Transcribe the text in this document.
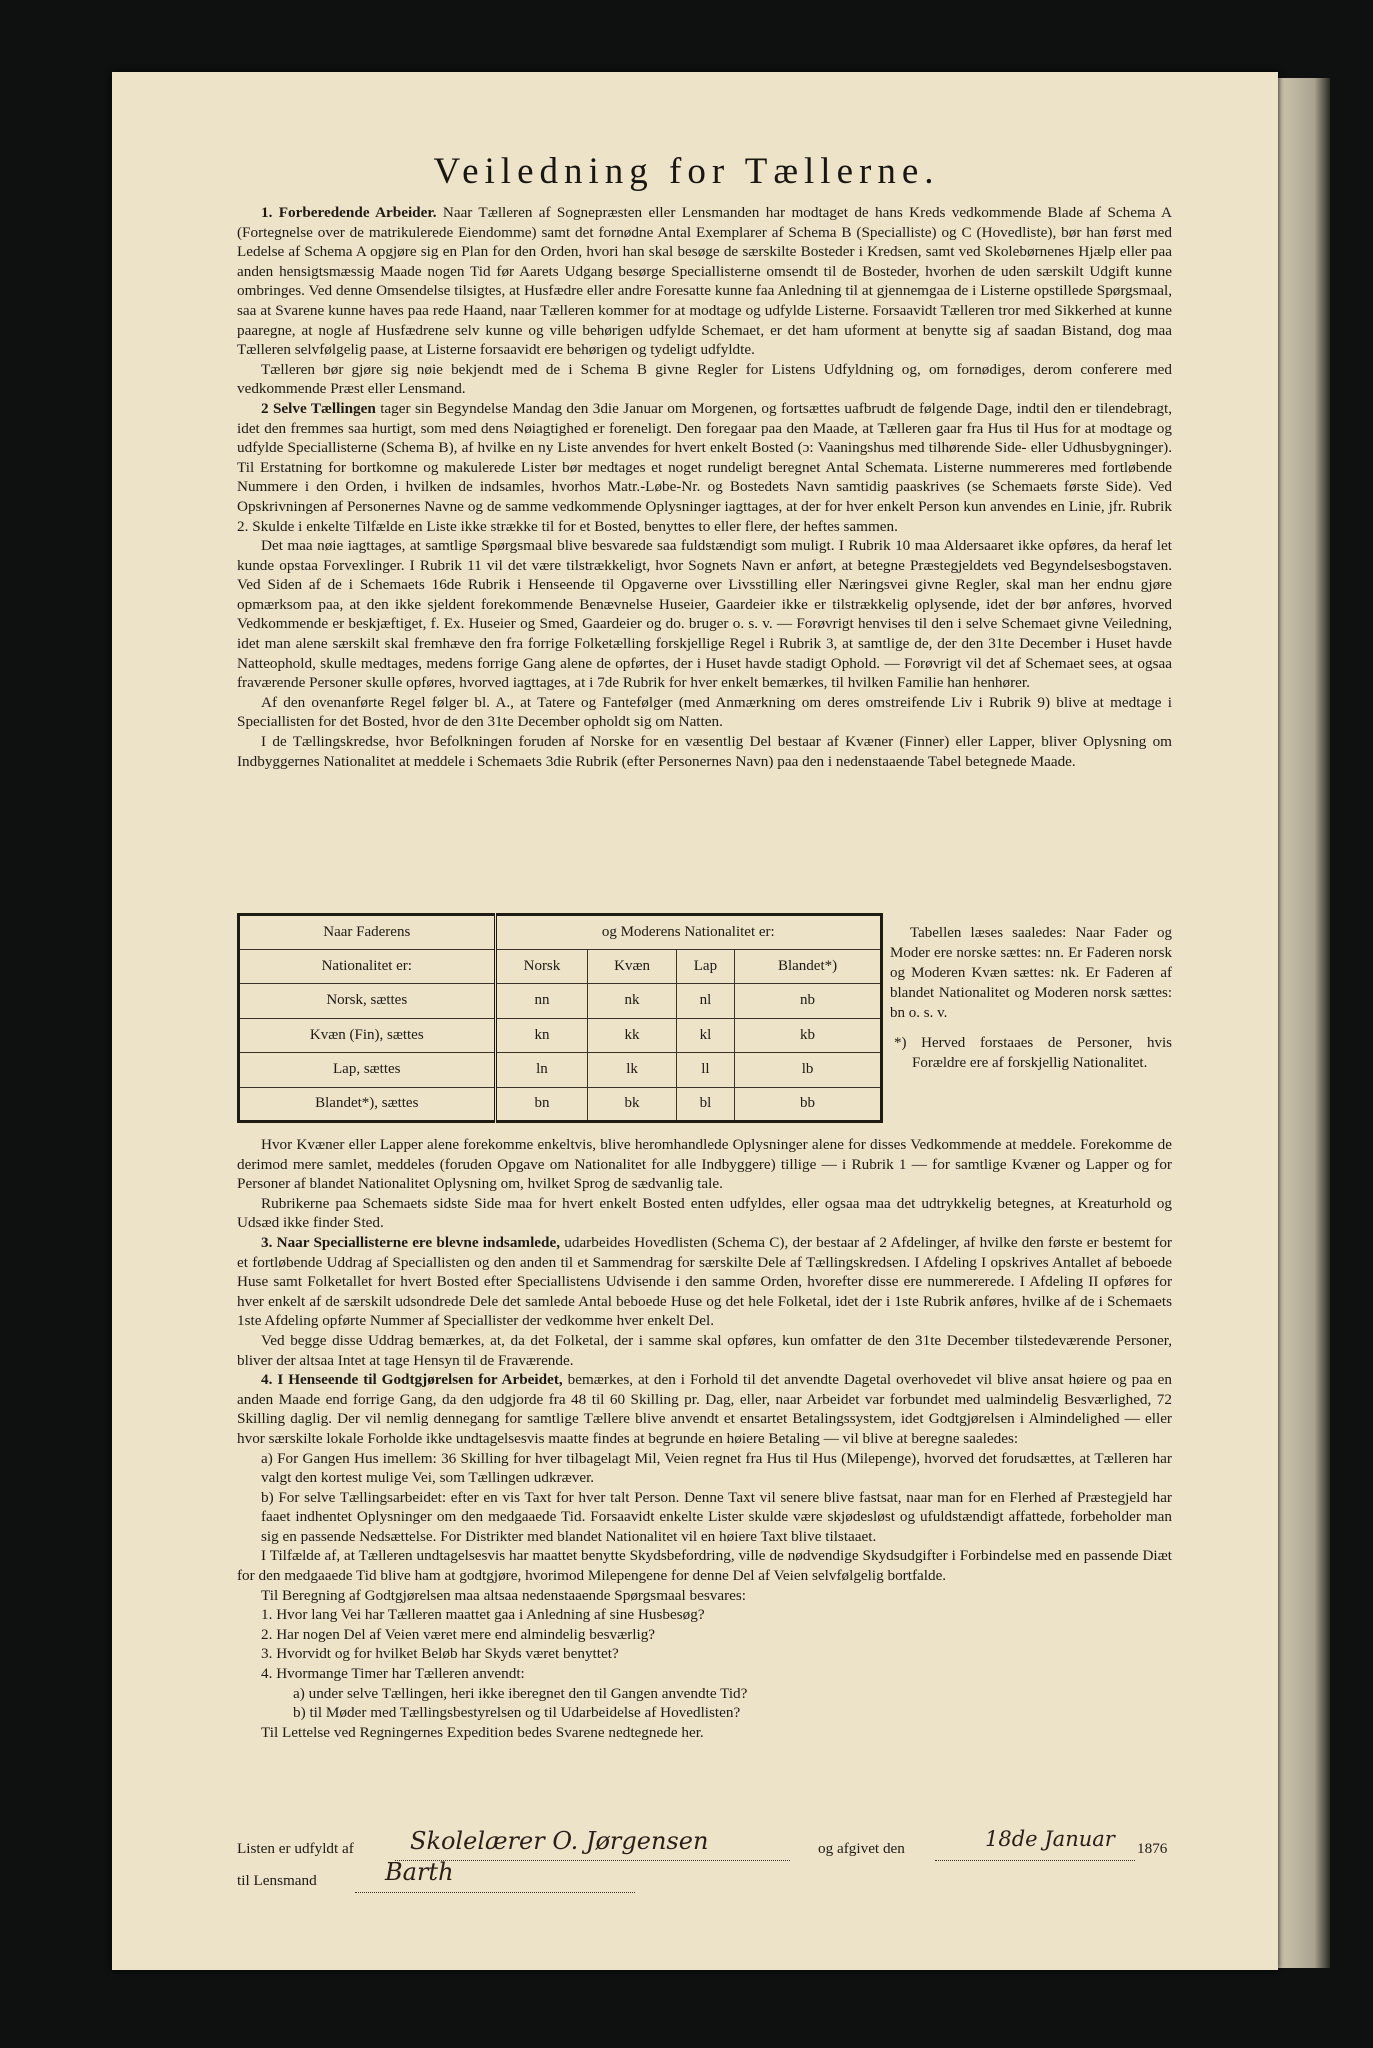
Veiledning for Tællerne.

1. Forberedende Arbeider. Naar Tælleren af Sognepræsten eller Lensmanden har modtaget de hans Kreds vedkommende Blade af Schema A (Fortegnelse over de matrikulerede Eiendomme) samt det fornødne Antal Exemplarer af Schema B (Specialliste) og C (Hovedliste), bør han først med Ledelse af Schema A opgjøre sig en Plan for den Orden, hvori han skal besøge de særskilte Bosteder i Kredsen, samt ved Skolebørnenes Hjælp eller paa anden hensigtsmæssig Maade nogen Tid før Aarets Udgang besørge Speciallisterne omsendt til de Bosteder, hvorhen de uden særskilt Udgift kunne ombringes. Ved denne Omsendelse tilsigtes, at Husfædre eller andre Foresatte kunne faa Anledning til at gjennemgaa de i Listerne opstillede Spørgsmaal, saa at Svarene kunne haves paa rede Haand, naar Tælleren kommer for at modtage og udfylde Listerne. Forsaavidt Tælleren tror med Sikkerhed at kunne paaregne, at nogle af Husfædrene selv kunne og ville behørigen udfylde Schemaet, er det ham uforment at benytte sig af saadan Bistand, dog maa Tælleren selvfølgelig paase, at Listerne forsaavidt ere behørigen og tydeligt udfyldte.

Tælleren bør gjøre sig nøie bekjendt med de i Schema B givne Regler for Listens Udfyldning og, om fornødiges, derom conferere med vedkommende Præst eller Lensmand.

2 Selve Tællingen tager sin Begyndelse Mandag den 3die Januar om Morgenen, og fortsættes uafbrudt de følgende Dage, indtil den er tilendebragt, idet den fremmes saa hurtigt, som med dens Nøiagtighed er foreneligt. Den foregaar paa den Maade, at Tælleren gaar fra Hus til Hus for at modtage og udfylde Speciallisterne (Schema B), af hvilke en ny Liste anvendes for hvert enkelt Bosted (ɔ: Vaaningshus med tilhørende Side- eller Udhusbygninger). Til Erstatning for bortkomne og makulerede Lister bør medtages et noget rundeligt beregnet Antal Schemata. Listerne nummereres med fortløbende Nummere i den Orden, i hvilken de indsamles, hvorhos Matr.-Løbe-Nr. og Bostedets Navn samtidig paaskrives (se Schemaets første Side). Ved Opskrivningen af Personernes Navne og de samme vedkommende Oplysninger iagttages, at der for hver enkelt Person kun anvendes en Linie, jfr. Rubrik 2. Skulde i enkelte Tilfælde en Liste ikke strække til for et Bosted, benyttes to eller flere, der heftes sammen.

Det maa nøie iagttages, at samtlige Spørgsmaal blive besvarede saa fuldstændigt som muligt. I Rubrik 10 maa Aldersaaret ikke opføres, da heraf let kunde opstaa Forvexlinger. I Rubrik 11 vil det være tilstrækkeligt, hvor Sognets Navn er anført, at betegne Præstegjeldets ved Begyndelsesbogstaven. Ved Siden af de i Schemaets 16de Rubrik i Henseende til Opgaverne over Livsstilling eller Næringsvei givne Regler, skal man her endnu gjøre opmærksom paa, at den ikke sjeldent forekommende Benævnelse Huseier, Gaardeier ikke er tilstrækkelig oplysende, idet der bør anføres, hvorved Vedkommende er beskjæftiget, f. Ex. Huseier og Smed, Gaardeier og do. bruger o. s. v. — Forøvrigt henvises til den i selve Schemaet givne Veiledning, idet man alene særskilt skal fremhæve den fra forrige Folketælling forskjellige Regel i Rubrik 3, at samtlige de, der den 31te December i Huset havde Natteophold, skulle medtages, medens forrige Gang alene de opførtes, der i Huset havde stadigt Ophold. — Forøvrigt vil det af Schemaet sees, at ogsaa fraværende Personer skulle opføres, hvorved iagttages, at i 7de Rubrik for hver enkelt bemærkes, til hvilken Familie han henhører.

Af den ovenanførte Regel følger bl. A., at Tatere og Fantefølger (med Anmærkning om deres omstreifende Liv i Rubrik 9) blive at medtage i Speciallisten for det Bosted, hvor de den 31te December opholdt sig om Natten.

I de Tællingskredse, hvor Befolkningen foruden af Norske for en væsentlig Del bestaar af Kvæner (Finner) eller Lapper, bliver Oplysning om Indbyggernes Nationalitet at meddele i Schemaets 3die Rubrik (efter Personernes Navn) paa den i nedenstaaende Tabel betegnede Maade.

Naar Faderens	og Moderens Nationalitet er:			
Nationalitet er:	Norsk	Kvæn	Lap	Blandet*)
Norsk, sættes	nn	nk	nl	nb
Kvæn (Fin), sættes	kn	kk	kl	kb
Lap, sættes	ln	lk	ll	lb
Blandet*), sættes	bn	bk	bl	bb

Tabellen læses saaledes: Naar Fader og Moder ere norske sættes: nn. Er Faderen norsk og Moderen Kvæn sættes: nk. Er Faderen af blandet Nationalitet og Moderen norsk sættes: bn o. s. v.

*) Herved forstaaes de Personer, hvis Forældre ere af forskjellig Nationalitet.

Hvor Kvæner eller Lapper alene forekomme enkeltvis, blive heromhandlede Oplysninger alene for disses Vedkommende at meddele. Forekomme de derimod mere samlet, meddeles (foruden Opgave om Nationalitet for alle Indbyggere) tillige — i Rubrik 1 — for samtlige Kvæner og Lapper og for Personer af blandet Nationalitet Oplysning om, hvilket Sprog de sædvanlig tale.

Rubrikerne paa Schemaets sidste Side maa for hvert enkelt Bosted enten udfyldes, eller ogsaa maa det udtrykkelig betegnes, at Kreaturhold og Udsæd ikke finder Sted.

3. Naar Speciallisterne ere blevne indsamlede, udarbeides Hovedlisten (Schema C), der bestaar af 2 Afdelinger, af hvilke den første er bestemt for et fortløbende Uddrag af Speciallisten og den anden til et Sammendrag for særskilte Dele af Tællingskredsen. I Afdeling I opskrives Antallet af beboede Huse samt Folketallet for hvert Bosted efter Speciallistens Udvisende i den samme Orden, hvorefter disse ere nummererede. I Afdeling II opføres for hver enkelt af de særskilt udsondrede Dele det samlede Antal beboede Huse og det hele Folketal, idet der i 1ste Rubrik anføres, hvilke af de i Schemaets 1ste Afdeling opførte Nummer af Speciallister der vedkomme hver enkelt Del.

Ved begge disse Uddrag bemærkes, at, da det Folketal, der i samme skal opføres, kun omfatter de den 31te December tilstedeværende Personer, bliver der altsaa Intet at tage Hensyn til de Fraværende.

4. I Henseende til Godtgjørelsen for Arbeidet, bemærkes, at den i Forhold til det anvendte Dagetal overhovedet vil blive ansat høiere og paa en anden Maade end forrige Gang, da den udgjorde fra 48 til 60 Skilling pr. Dag, eller, naar Arbeidet var forbundet med ualmindelig Besværlighed, 72 Skilling daglig. Der vil nemlig dennegang for samtlige Tællere blive anvendt et ensartet Betalingssystem, idet Godtgjørelsen i Almindelighed — eller hvor særskilte lokale Forholde ikke undtagelsesvis maatte findes at begrunde en høiere Betaling — vil blive at beregne saaledes:

a) For Gangen Hus imellem: 36 Skilling for hver tilbagelagt Mil, Veien regnet fra Hus til Hus (Milepenge), hvorved det forudsættes, at Tælleren har valgt den kortest mulige Vei, som Tællingen udkræver.

b) For selve Tællingsarbeidet: efter en vis Taxt for hver talt Person. Denne Taxt vil senere blive fastsat, naar man for en Flerhed af Præstegjeld har faaet indhentet Oplysninger om den medgaaede Tid. Forsaavidt enkelte Lister skulde være skjødesløst og ufuldstændigt affattede, forbeholder man sig en passende Nedsættelse. For Distrikter med blandet Nationalitet vil en høiere Taxt blive tilstaaet.

I Tilfælde af, at Tælleren undtagelsesvis har maattet benytte Skydsbefordring, ville de nødvendige Skydsudgifter i Forbindelse med en passende Diæt for den medgaaede Tid blive ham at godtgjøre, hvorimod Milepengene for denne Del af Veien selvfølgelig bortfalde.

Til Beregning af Godtgjørelsen maa altsaa nedenstaaende Spørgsmaal besvares:

1. Hvor lang Vei har Tælleren maattet gaa i Anledning af sine Husbesøg?

2. Har nogen Del af Veien været mere end almindelig besværlig?

3. Hvorvidt og for hvilket Beløb har Skyds været benyttet?

4. Hvormange Timer har Tælleren anvendt:

a) under selve Tællingen, heri ikke iberegnet den til Gangen anvendte Tid?

b) til Møder med Tællingsbestyrelsen og til Udarbeidelse af Hovedlisten?

Til Lettelse ved Regningernes Expedition bedes Svarene nedtegnede her.

Listen er udfyldt af Skolelærer O. Jørgensen	og afgivet den	18de Januar 1876
til Lensmand	Barth
